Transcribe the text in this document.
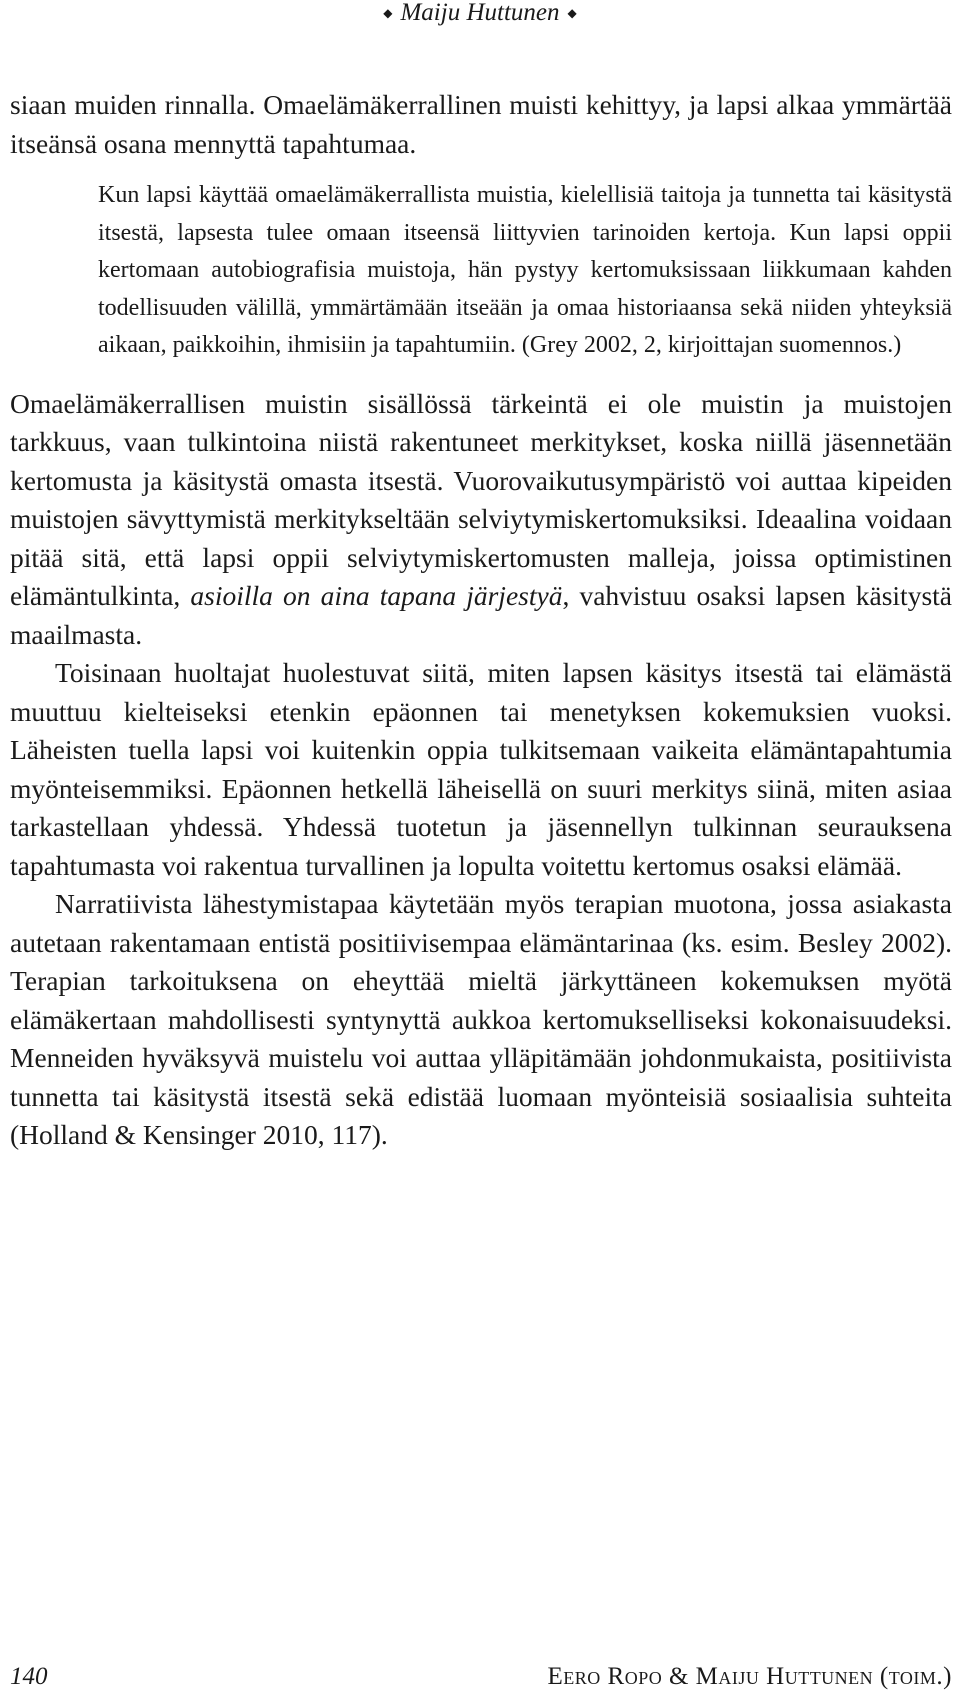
◆ Maiju Huttunen ◆

siaan muiden rinnalla. Omaelämäkerrallinen muisti kehittyy, ja lapsi alkaa ymmärtää itseänsä osana mennyttä tapahtumaa.

Kun lapsi käyttää omaelämäkerrallista muistia, kielellisiä taitoja ja tunnetta tai käsitystä itsestä, lapsesta tulee omaan itseensä liittyvien tarinoiden kertoja. Kun lapsi oppii kertomaan autobiografisia muistoja, hän pystyy kertomuksissaan liikkumaan kahden todellisuuden välillä, ymmärtämään itseään ja omaa historiaansa sekä niiden yhteyksiä aikaan, paikkoihin, ihmisiin ja tapahtumiin. (Grey 2002, 2, kirjoittajan suomennos.)

Omaelämäkerrallisen muistin sisällössä tärkeintä ei ole muistin ja muistojen tarkkuus, vaan tulkintoina niistä rakentuneet merkitykset, koska niillä jäsennetään kertomusta ja käsitystä omasta itsestä. Vuorovaikutusympäristö voi auttaa kipeiden muistojen sävyttymistä merkitykseltään selviytymiskertomuksiksi. Ideaalina voidaan pitää sitä, että lapsi oppii selviytymiskertomusten malleja, joissa optimistinen elämäntulkinta, asioilla on aina tapana järjestyä, vahvistuu osaksi lapsen käsitystä maailmasta.

Toisinaan huoltajat huolestuvat siitä, miten lapsen käsitys itsestä tai elämästä muuttuu kielteiseksi etenkin epäonnen tai menetyksen kokemuksien vuoksi. Läheisten tuella lapsi voi kuitenkin oppia tulkitsemaan vaikeita elämäntapahtumia myönteisemmiksi. Epäonnen hetkellä läheisellä on suuri merkitys siinä, miten asiaa tarkastellaan yhdessä. Yhdessä tuotetun ja jäsennellyn tulkinnan seurauksena tapahtumasta voi rakentua turvallinen ja lopulta voitettu kertomus osaksi elämää.

Narratiivista lähestymistapaa käytetään myös terapian muotona, jossa asiakasta autetaan rakentamaan entistä positiivisempaa elämäntarinaa (ks. esim. Besley 2002). Terapian tarkoituksena on eheyttää mieltä järkyttäneen kokemuksen myötä elämäkertaan mahdollisesti syntynyttä aukkoa kertomukselliseksi kokonaisuudeksi. Menneiden hyväksyvä muistelu voi auttaa ylläpitämään johdonmukaista, positiivista tunnetta tai käsitystä itsestä sekä edistää luomaan myönteisiä sosiaalisia suhteita (Holland & Kensinger 2010, 117).

140	Eero Ropo & Maiju Huttunen (toim.)
